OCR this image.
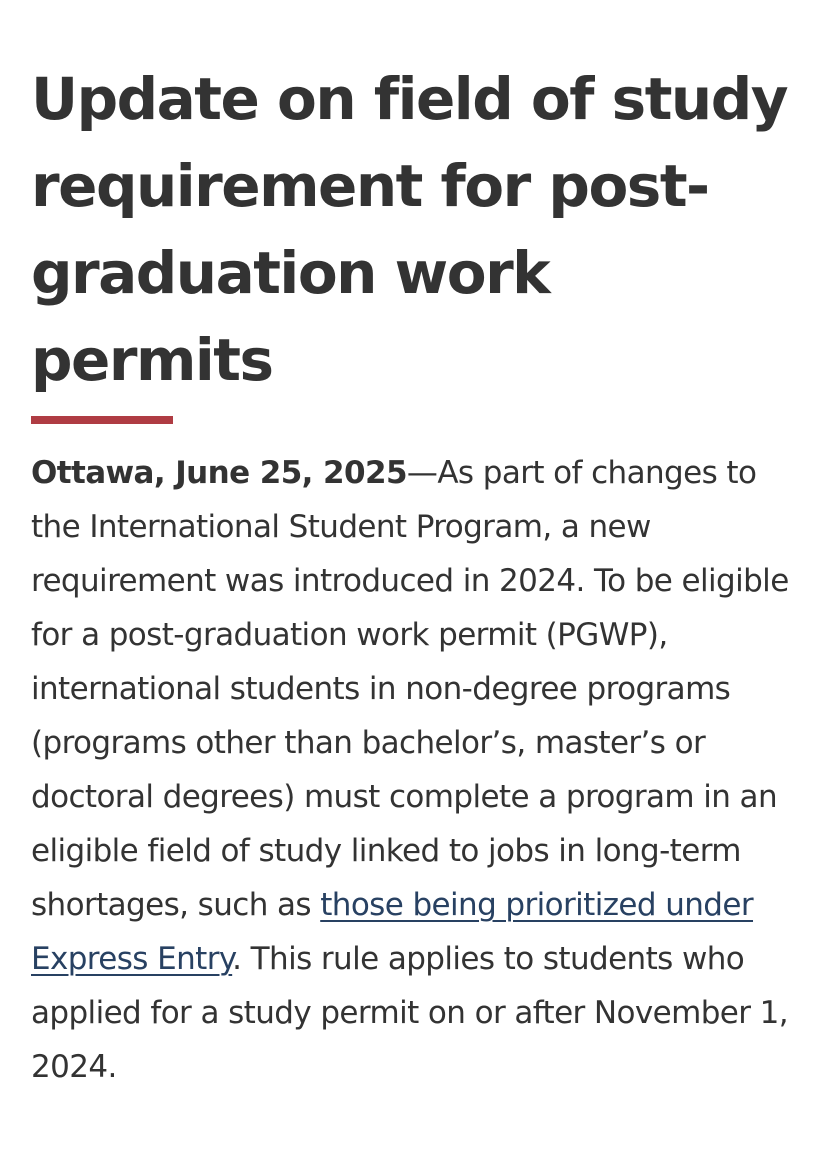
Update on field of study requirement for post-graduation work permits

Ottawa, June 25, 2025—As part of changes to the International Student Program, a new requirement was introduced in 2024. To be eligible for a post-graduation work permit (PGWP), international students in non-degree programs (programs other than bachelor’s, master’s or doctoral degrees) must complete a program in an eligible field of study linked to jobs in long-term shortages, such as those being prioritized under Express Entry. This rule applies to students who applied for a study permit on or after November 1, 2024.
